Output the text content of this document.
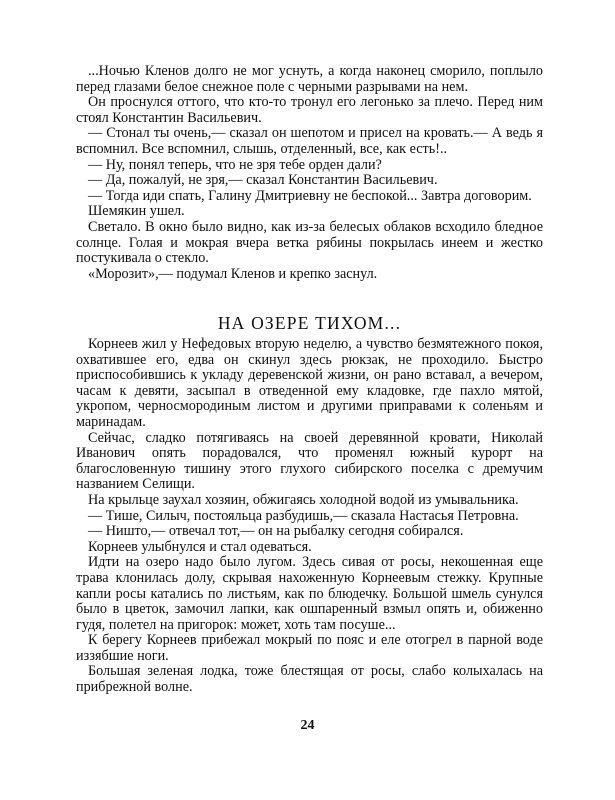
...Ночью Кленов долго не мог уснуть, а когда наконец сморило, поплыло перед глазами белое снежное поле с черными разрывами на нем.

Он проснулся оттого, что кто-то тронул его легонько за плечо. Перед ним стоял Константин Васильевич.

— Стонал ты очень,— сказал он шепотом и присел на кровать.— А ведь я вспомнил. Все вспомнил, слышь, отделенный, все, как есть!..

— Ну, понял теперь, что не зря тебе орден дали?

— Да, пожалуй, не зря,— сказал Константин Васильевич.

— Тогда иди спать, Галину Дмитриевну не беспокой... Завтра договорим.

Шемякин ушел.

Светало. В окно было видно, как из-за белесых облаков всходило бледное солнце. Голая и мокрая вчера ветка рябины покрылась инеем и жестко постукивала о стекло.

«Морозит»,— подумал Кленов и крепко заснул.

НА ОЗЕРЕ ТИХОМ...

Корнеев жил у Нефедовых вторую неделю, а чувство безмятежного покоя, охватившее его, едва он скинул здесь рюкзак, не проходило. Быстро приспособившись к укладу деревенской жизни, он рано вставал, а вечером, часам к девяти, засыпал в отведенной ему кладовке, где пахло мятой, укропом, черносмородиным листом и другими приправами к соленьям и маринадам.

Сейчас, сладко потягиваясь на своей деревянной кровати, Николай Иванович опять порадовался, что променял южный курорт на благословенную тишину этого глухого сибирского поселка с дремучим названием Селищи.

На крыльце заухал хозяин, обжигаясь холодной водой из умывальника.

— Тише, Силыч, постояльца разбудишь,— сказала Настасья Петровна.

— Ништо,— отвечал тот,— он на рыбалку сегодня собирался.

Корнеев улыбнулся и стал одеваться.

Идти на озеро надо было лугом. Здесь сивая от росы, некошенная еще трава клонилась долу, скрывая нахоженную Корнеевым стежку. Крупные капли росы катались по листьям, как по блюдечку. Большой шмель сунулся было в цветок, замочил лапки, как ошпаренный взмыл опять и, обиженно гудя, полетел на пригорок: может, хоть там посуше...

К берегу Корнеев прибежал мокрый по пояс и еле отогрел в парной воде иззябшие ноги.

Большая зеленая лодка, тоже блестящая от росы, слабо колыхалась на прибрежной волне.

24
